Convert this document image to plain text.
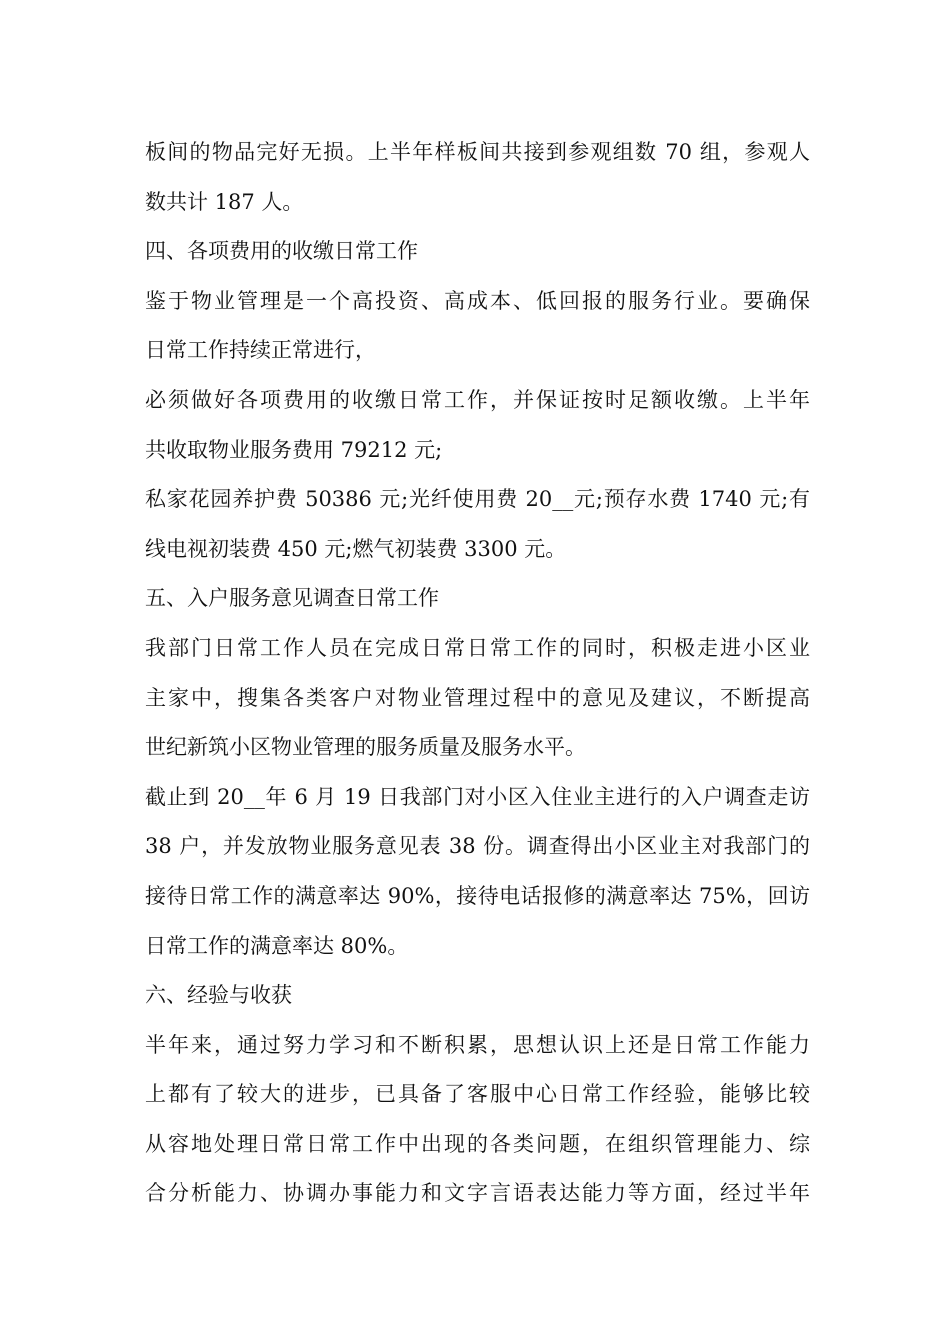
板间的物品完好无损。上半年样板间共接到参观组数 70 组，参观人
数共计 187 人。
四、各项费用的收缴日常工作
鉴于物业管理是一个高投资、高成本、低回报的服务行业。要确保
日常工作持续正常进行，
必须做好各项费用的收缴日常工作，并保证按时足额收缴。上半年
共收取物业服务费用 79212 元;
私家花园养护费 50386 元;光纤使用费 20__元;预存水费 1740 元;有
线电视初装费 450 元;燃气初装费 3300 元。
五、入户服务意见调查日常工作
我部门日常工作人员在完成日常日常工作的同时，积极走进小区业
主家中，搜集各类客户对物业管理过程中的意见及建议，不断提高
世纪新筑小区物业管理的服务质量及服务水平。
截止到 20__年 6 月 19 日我部门对小区入住业主进行的入户调查走访
38 户，并发放物业服务意见表 38 份。调查得出小区业主对我部门的
接待日常工作的满意率达 90%，接待电话报修的满意率达 75%，回访
日常工作的满意率达 80%。
六、经验与收获
半年来，通过努力学习和不断积累，思想认识上还是日常工作能力
上都有了较大的进步，已具备了客服中心日常工作经验，能够比较
从容地处理日常日常工作中出现的各类问题，在组织管理能力、综
合分析能力、协调办事能力和文字言语表达能力等方面，经过半年
